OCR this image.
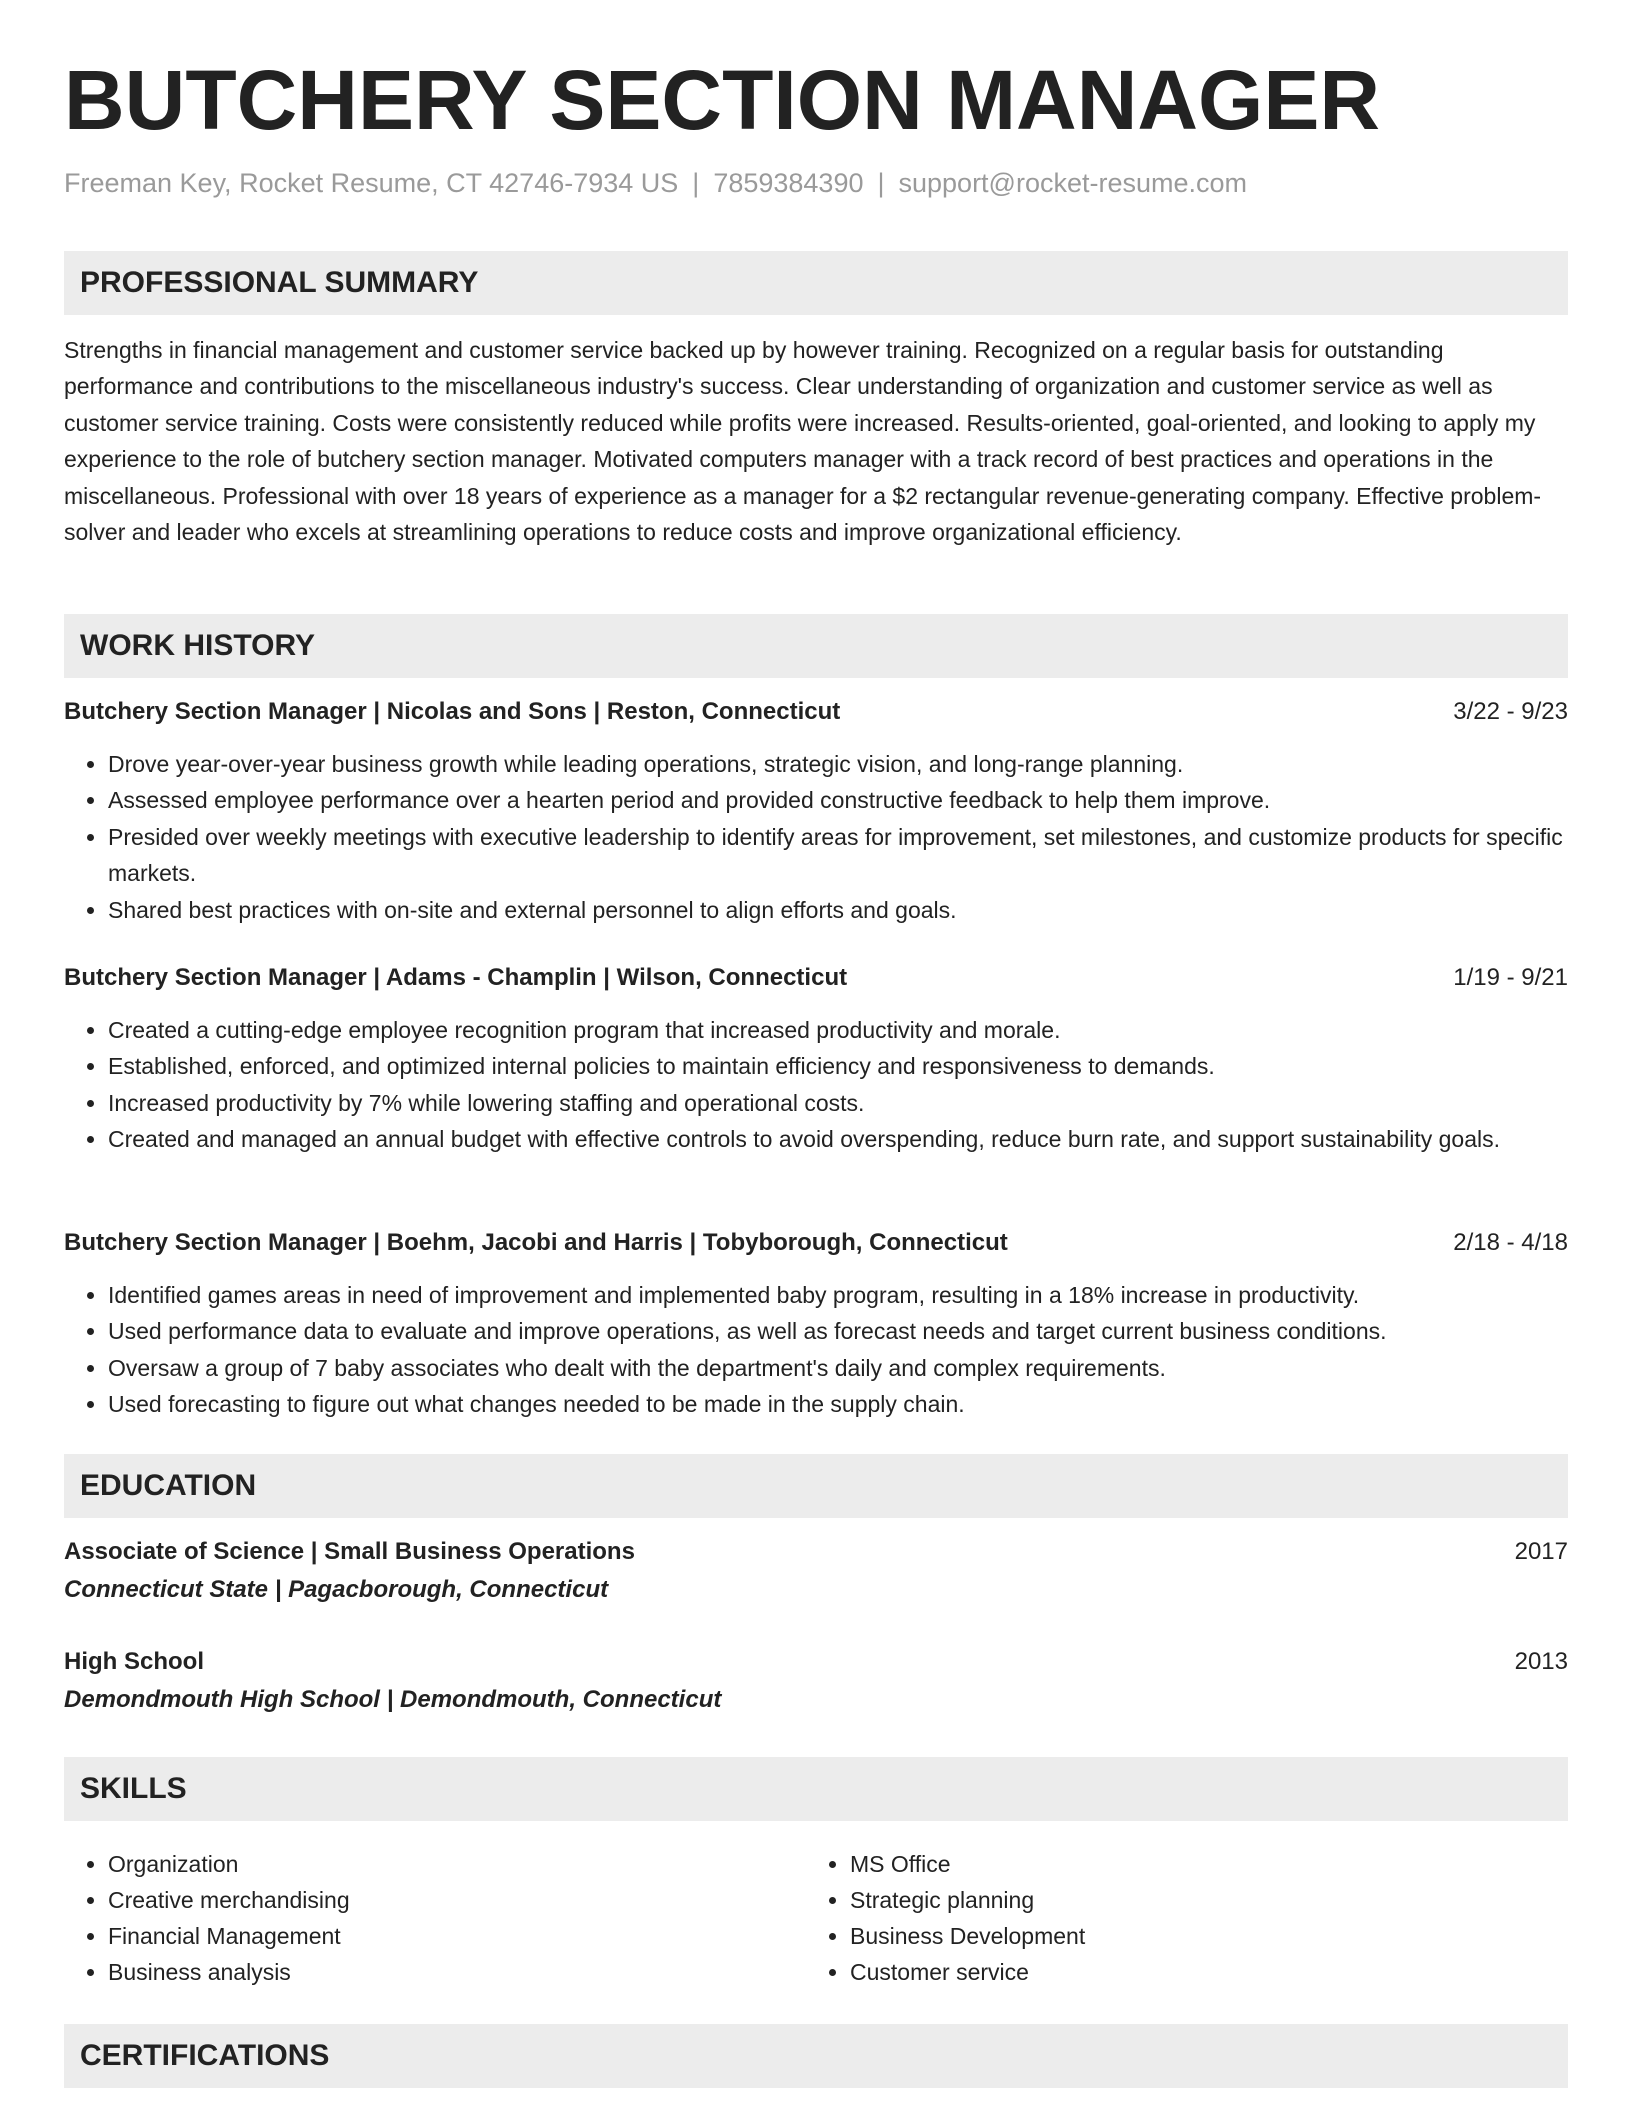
BUTCHERY SECTION MANAGER
Freeman Key, Rocket Resume, CT 42746-7934 US | 7859384390 | support@rocket-resume.com
PROFESSIONAL SUMMARY

Strengths in financial management and customer service backed up by however training. Recognized on a regular basis for outstanding performance and contributions to the miscellaneous industry's success. Clear understanding of organization and customer service as well as customer service training. Costs were consistently reduced while profits were increased. Results-oriented, goal-oriented, and looking to apply my experience to the role of butchery section manager. Motivated computers manager with a track record of best practices and operations in the miscellaneous. Professional with over 18 years of experience as a manager for a $2 rectangular revenue-generating company. Effective problem-solver and leader who excels at streamlining operations to reduce costs and improve organizational efficiency.

WORK HISTORY
Butchery Section Manager | Nicolas and Sons | Reston, Connecticut	3/22 - 9/23
• Drove year-over-year business growth while leading operations, strategic vision, and long-range planning.
• Assessed employee performance over a hearten period and provided constructive feedback to help them improve.
• Presided over weekly meetings with executive leadership to identify areas for improvement, set milestones, and customize products for specific markets.
• Shared best practices with on-site and external personnel to align efforts and goals.
Butchery Section Manager | Adams - Champlin | Wilson, Connecticut	1/19 - 9/21
• Created a cutting-edge employee recognition program that increased productivity and morale.
• Established, enforced, and optimized internal policies to maintain efficiency and responsiveness to demands.
• Increased productivity by 7% while lowering staffing and operational costs.
• Created and managed an annual budget with effective controls to avoid overspending, reduce burn rate, and support sustainability goals.
Butchery Section Manager | Boehm, Jacobi and Harris | Tobyborough, Connecticut	2/18 - 4/18
• Identified games areas in need of improvement and implemented baby program, resulting in a 18% increase in productivity.
• Used performance data to evaluate and improve operations, as well as forecast needs and target current business conditions.
• Oversaw a group of 7 baby associates who dealt with the department's daily and complex requirements.
• Used forecasting to figure out what changes needed to be made in the supply chain.
EDUCATION
Associate of Science | Small Business Operations	2017
Connecticut State | Pagacborough, Connecticut
High School	2013
Demondmouth High School | Demondmouth, Connecticut
SKILLS
• Organization
• Creative merchandising
• Financial Management
• Business analysis
• MS Office
• Strategic planning
• Business Development
• Customer service
CERTIFICATIONS
